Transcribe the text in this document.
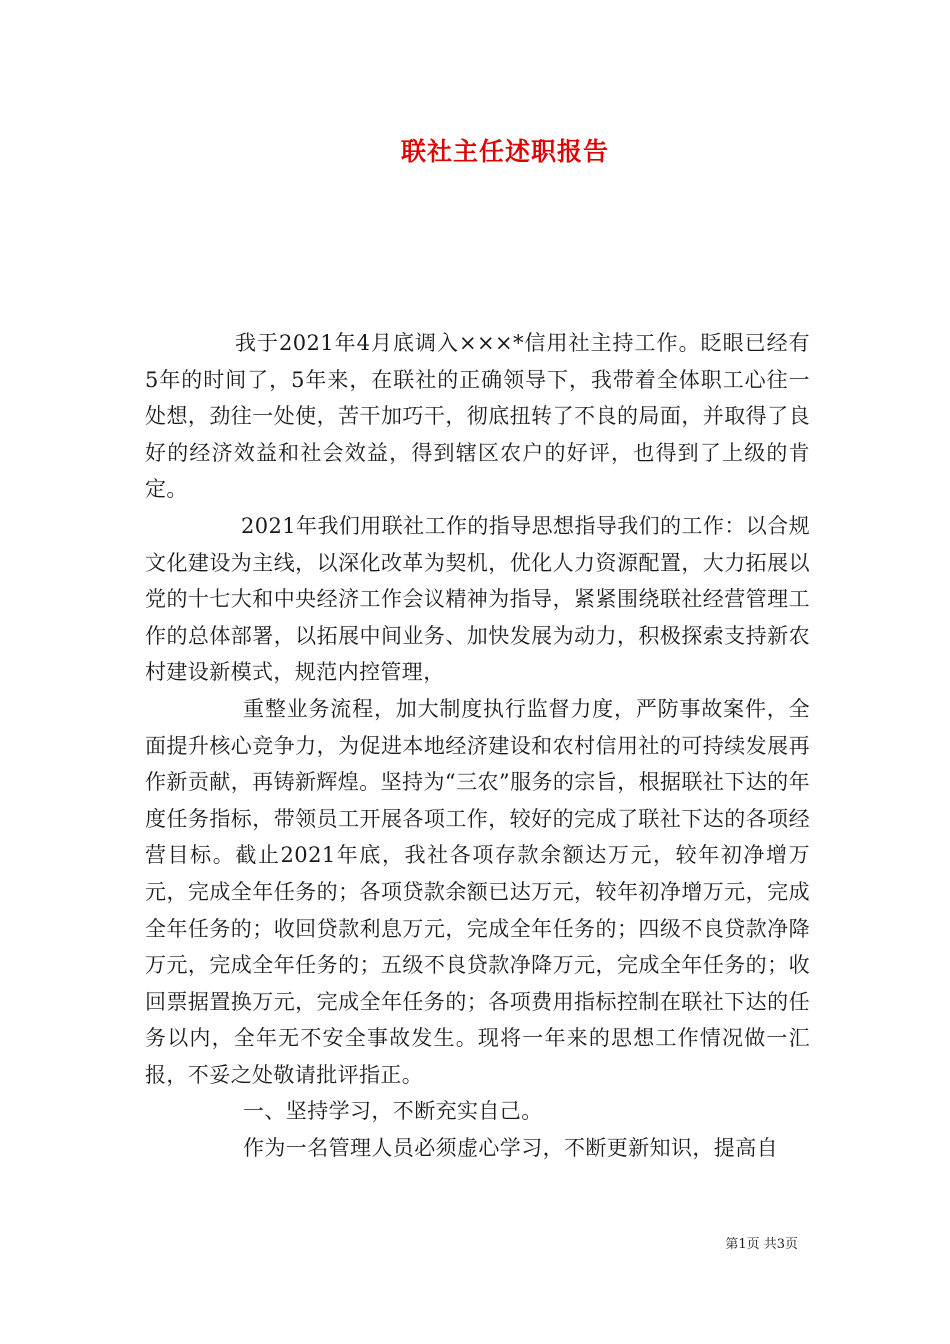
联社主任述职报告

我于2021年4月底调入×××*信用社主持工作。眨眼已经有5年的时间了，5年来，在联社的正确领导下，我带着全体职工心往一处想，劲往一处使，苦干加巧干，彻底扭转了不良的局面，并取得了良好的经济效益和社会效益，得到辖区农户的好评，也得到了上级的肯定。

2021年我们用联社工作的指导思想指导我们的工作：以合规文化建设为主线，以深化改革为契机，优化人力资源配置，大力拓展以党的十七大和中央经济工作会议精神为指导，紧紧围绕联社经营管理工作的总体部署，以拓展中间业务、加快发展为动力，积极探索支持新农村建设新模式，规范内控管理，

重整业务流程，加大制度执行监督力度，严防事故案件，全面提升核心竞争力，为促进本地经济建设和农村信用社的可持续发展再作新贡献，再铸新辉煌。坚持为“三农”服务的宗旨，根据联社下达的年度任务指标，带领员工开展各项工作，较好的完成了联社下达的各项经营目标。截止2021年底，我社各项存款余额达万元，较年初净增万元，完成全年任务的；各项贷款余额已达万元，较年初净增万元，完成全年任务的；收回贷款利息万元，完成全年任务的；四级不良贷款净降万元，完成全年任务的；五级不良贷款净降万元，完成全年任务的；收回票据置换万元，完成全年任务的；各项费用指标控制在联社下达的任务以内，全年无不安全事故发生。现将一年来的思想工作情况做一汇报，不妥之处敬请批评指正。

一、坚持学习，不断充实自己。

作为一名管理人员必须虚心学习，不断更新知识，提高自

第1页 共3页
